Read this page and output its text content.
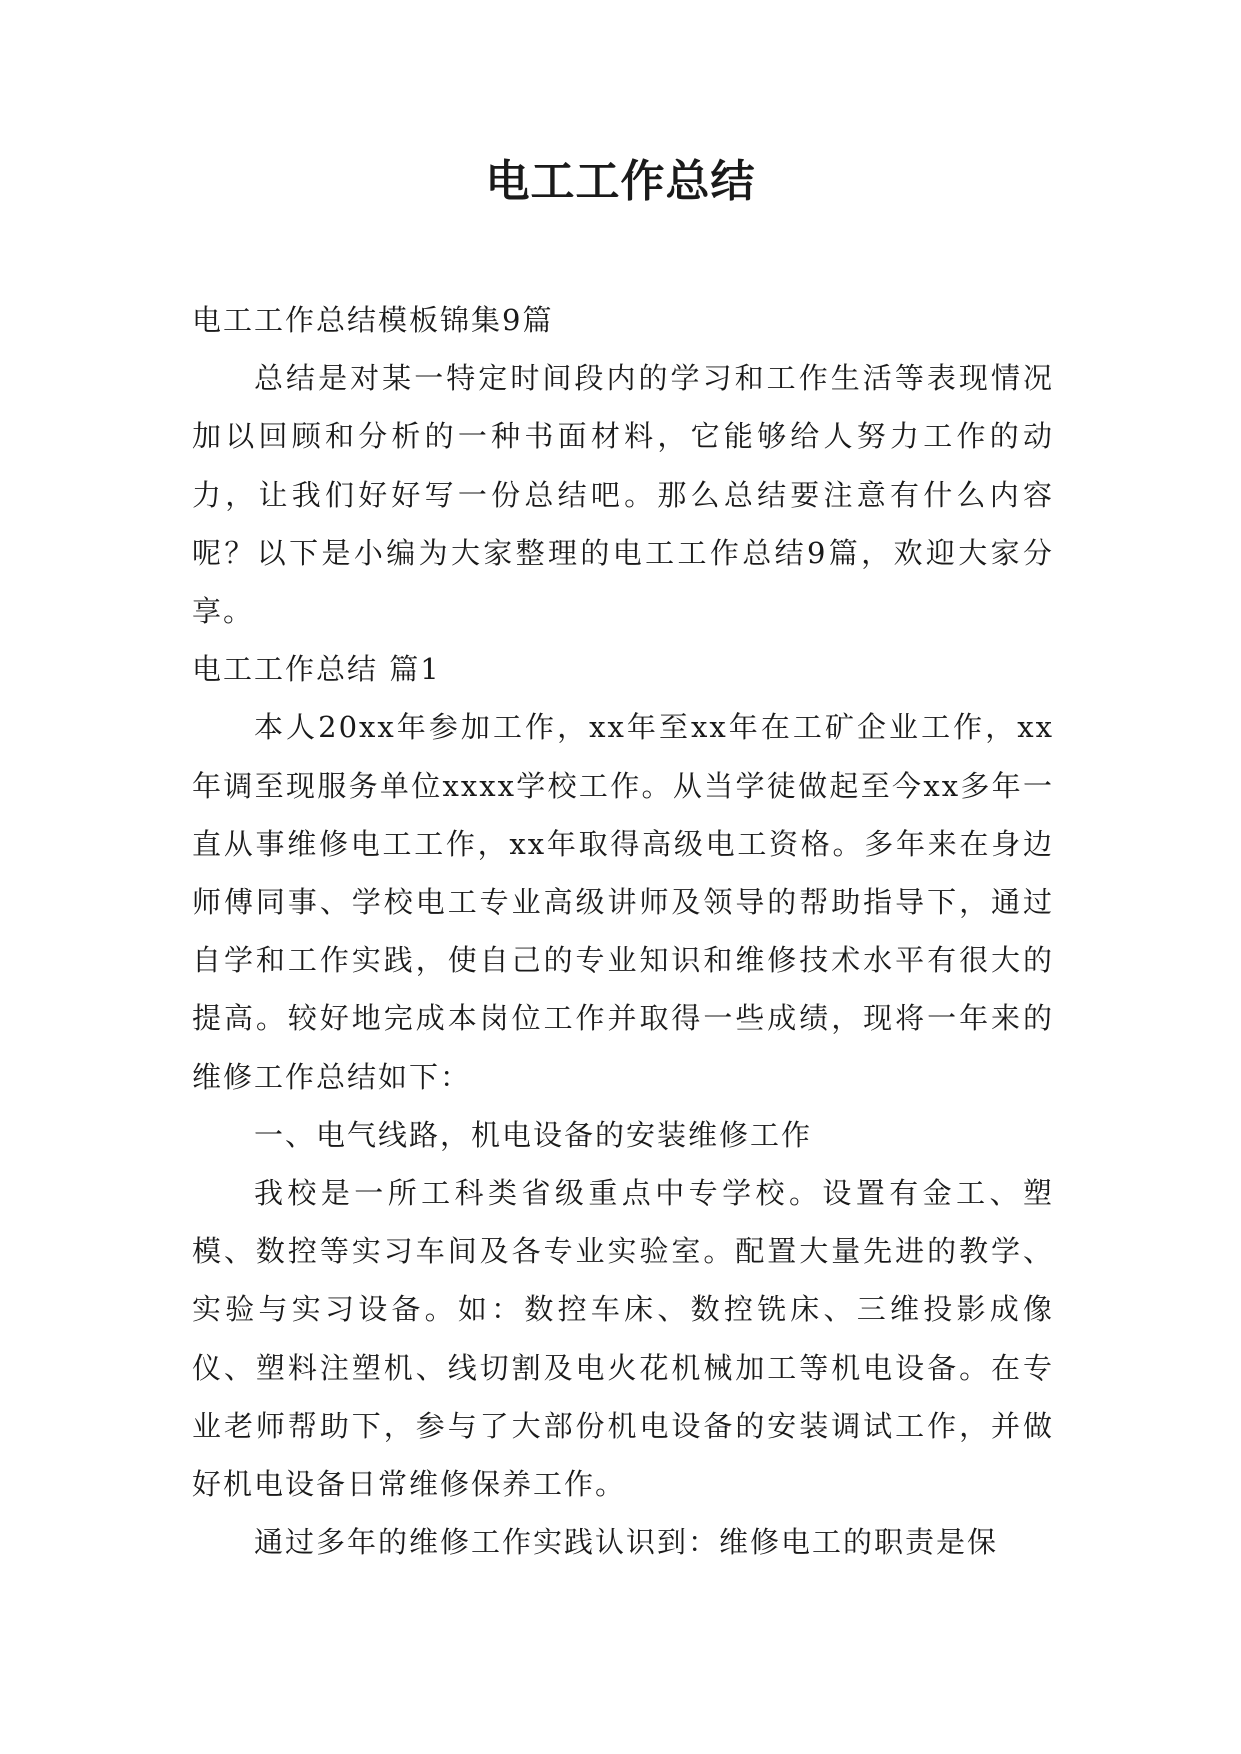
电工工作总结

电工工作总结模板锦集9篇

总结是对某一特定时间段内的学习和工作生活等表现情况加以回顾和分析的一种书面材料，它能够给人努力工作的动力，让我们好好写一份总结吧。那么总结要注意有什么内容呢？以下是小编为大家整理的电工工作总结9篇，欢迎大家分享。

电工工作总结 篇1

本人20xx年参加工作，xx年至xx年在工矿企业工作，xx年调至现服务单位xxxx学校工作。从当学徒做起至今xx多年一直从事维修电工工作，xx年取得高级电工资格。多年来在身边师傅同事、学校电工专业高级讲师及领导的帮助指导下，通过自学和工作实践，使自己的专业知识和维修技术水平有很大的提高。较好地完成本岗位工作并取得一些成绩，现将一年来的维修工作总结如下：

一、电气线路，机电设备的安装维修工作

我校是一所工科类省级重点中专学校。设置有金工、塑模、数控等实习车间及各专业实验室。配置大量先进的教学、实验与实习设备。如：数控车床、数控铣床、三维投影成像仪、塑料注塑机、线切割及电火花机械加工等机电设备。在专业老师帮助下，参与了大部份机电设备的安装调试工作，并做好机电设备日常维修保养工作。

通过多年的维修工作实践认识到：维修电工的职责是保
